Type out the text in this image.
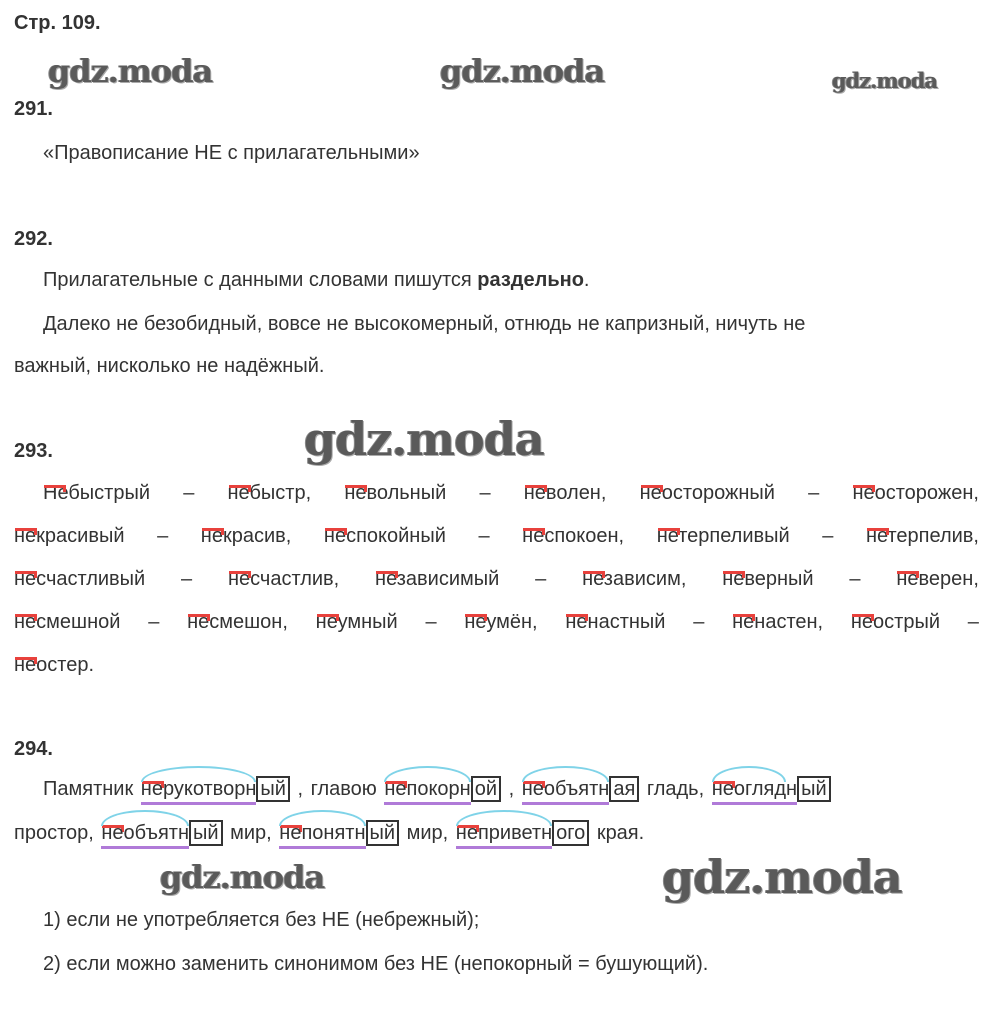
Стр. 109.
gdz.moda	gdz.moda	gdz.moda
gdz.moda
gdz.moda	gdz.moda
291.
«Правописание НЕ с прилагательными»
292.
Прилагательные с данными словами пишутся раздельно.
Далеко не безобидный, вовсе не высокомерный, отнюдь не капризный, ничуть не
важный, нисколько не надёжный.
293.
Небыстрый – небыстр, невольный – неволен, неосторожный – неосторожен,
некрасивый – некрасив, неспокойный – неспокоен, нетерпеливый – нетерпелив,
несчастливый – несчастлив, независимый – независим, неверный – неверен,
несмешной – несмешон, неумный – неумён, ненастный – ненастен, неострый –
неостер.
294.
Памятник нерукотворн ый , главою непокорн ой , необъятн ая гладь, неоглядн ый
простор, необъятн ый мир, непонятн ый мир, неприветн ого края.
1) если не употребляется без НЕ (небрежный);
2) если можно заменить синонимом без НЕ (непокорный = бушующий).
